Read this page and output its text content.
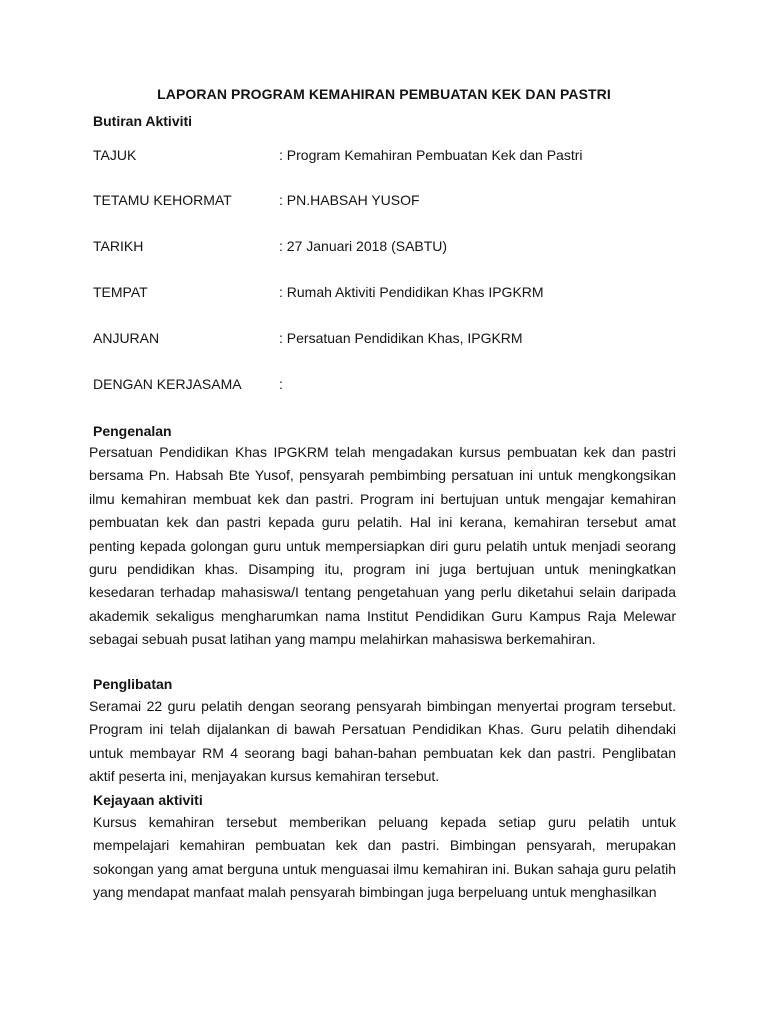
LAPORAN PROGRAM KEMAHIRAN PEMBUATAN KEK DAN PASTRI
Butiran Aktiviti
TAJUK	: Program Kemahiran Pembuatan Kek dan Pastri
TETAMU KEHORMAT	: PN.HABSAH YUSOF
TARIKH	: 27 Januari 2018 (SABTU)
TEMPAT	: Rumah Aktiviti Pendidikan Khas IPGKRM
ANJURAN	: Persatuan Pendidikan Khas, IPGKRM
DENGAN KERJASAMA	:
Pengenalan
Persatuan Pendidikan Khas IPGKRM telah mengadakan kursus pembuatan kek dan pastri bersama Pn. Habsah Bte Yusof, pensyarah pembimbing persatuan ini untuk mengkongsikan ilmu kemahiran membuat kek dan pastri. Program ini bertujuan untuk mengajar kemahiran pembuatan kek dan pastri kepada guru pelatih. Hal ini kerana, kemahiran tersebut amat penting kepada golongan guru untuk mempersiapkan diri guru pelatih untuk menjadi seorang guru pendidikan khas. Disamping itu, program ini juga bertujuan untuk meningkatkan kesedaran terhadap mahasiswa/I tentang pengetahuan yang perlu diketahui selain daripada akademik sekaligus mengharumkan nama Institut Pendidikan Guru Kampus Raja Melewar sebagai sebuah pusat latihan yang mampu melahirkan mahasiswa berkemahiran.
Penglibatan
Seramai 22 guru pelatih dengan seorang pensyarah bimbingan menyertai program tersebut. Program ini telah dijalankan di bawah Persatuan Pendidikan Khas. Guru pelatih dihendaki untuk membayar RM 4 seorang bagi bahan-bahan pembuatan kek dan pastri. Penglibatan aktif peserta ini, menjayakan kursus kemahiran tersebut.
Kejayaan aktiviti
Kursus kemahiran tersebut memberikan peluang kepada setiap guru pelatih untuk mempelajari kemahiran pembuatan kek dan pastri. Bimbingan pensyarah, merupakan sokongan yang amat berguna untuk menguasai ilmu kemahiran ini. Bukan sahaja guru pelatih yang mendapat manfaat malah pensyarah bimbingan juga berpeluang untuk menghasilkan
